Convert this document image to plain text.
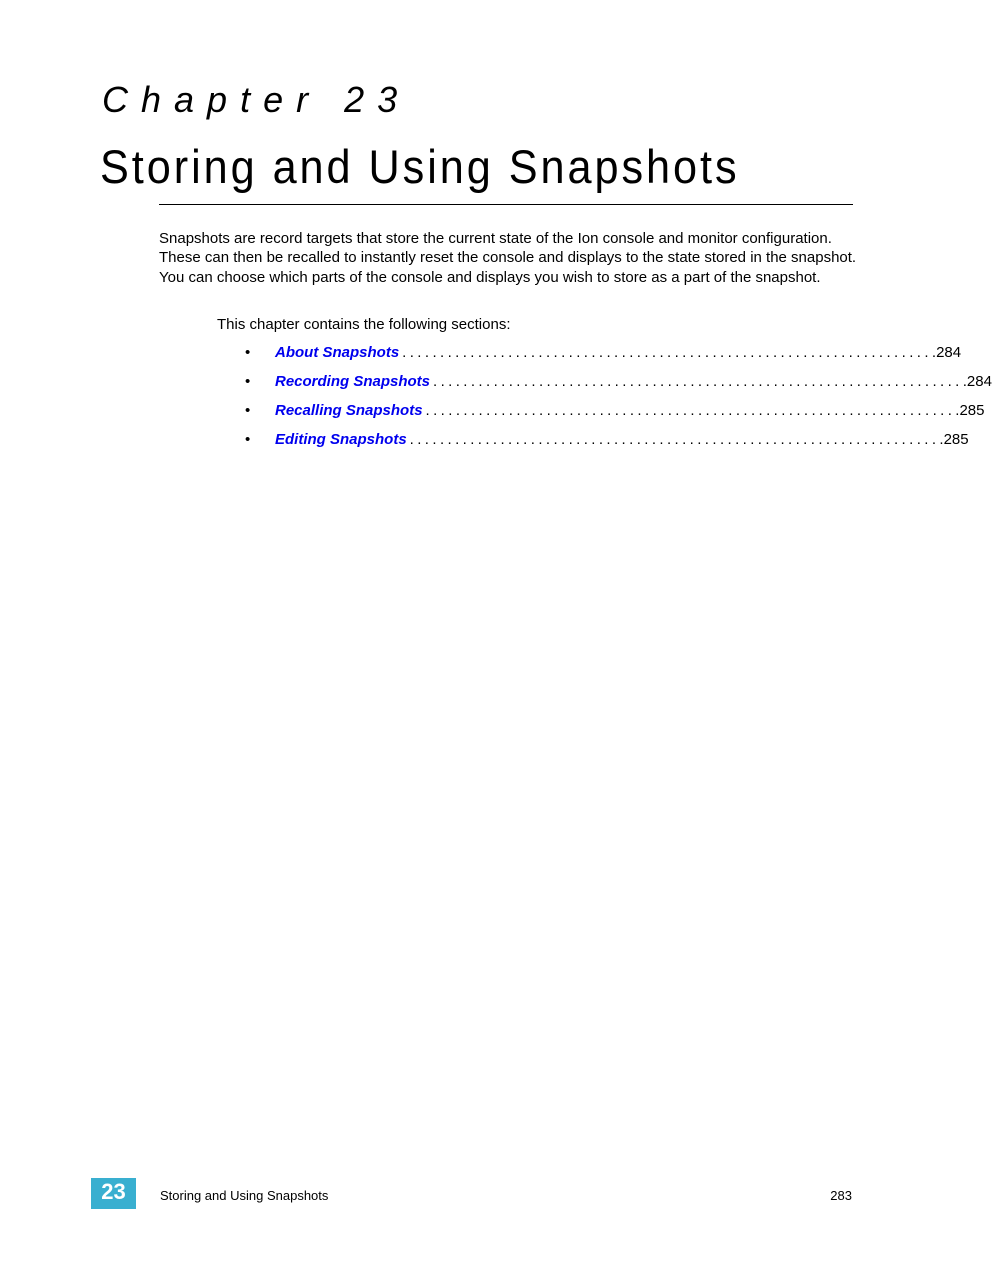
Chapter 23
Storing and Using Snapshots

Snapshots are record targets that store the current state of the Ion console and monitor configuration. These can then be recalled to instantly reset the console and displays to the state stored in the snapshot. You can choose which parts of the console and displays you wish to store as a part of the snapshot.

This chapter contains the following sections:

•	About Snapshots ...................................................................... .284
•	Recording Snapshots ...................................................................... .284
•	Recalling Snapshots ...................................................................... .285
•	Editing Snapshots ...................................................................... .285
23	Storing and Using Snapshots	283
